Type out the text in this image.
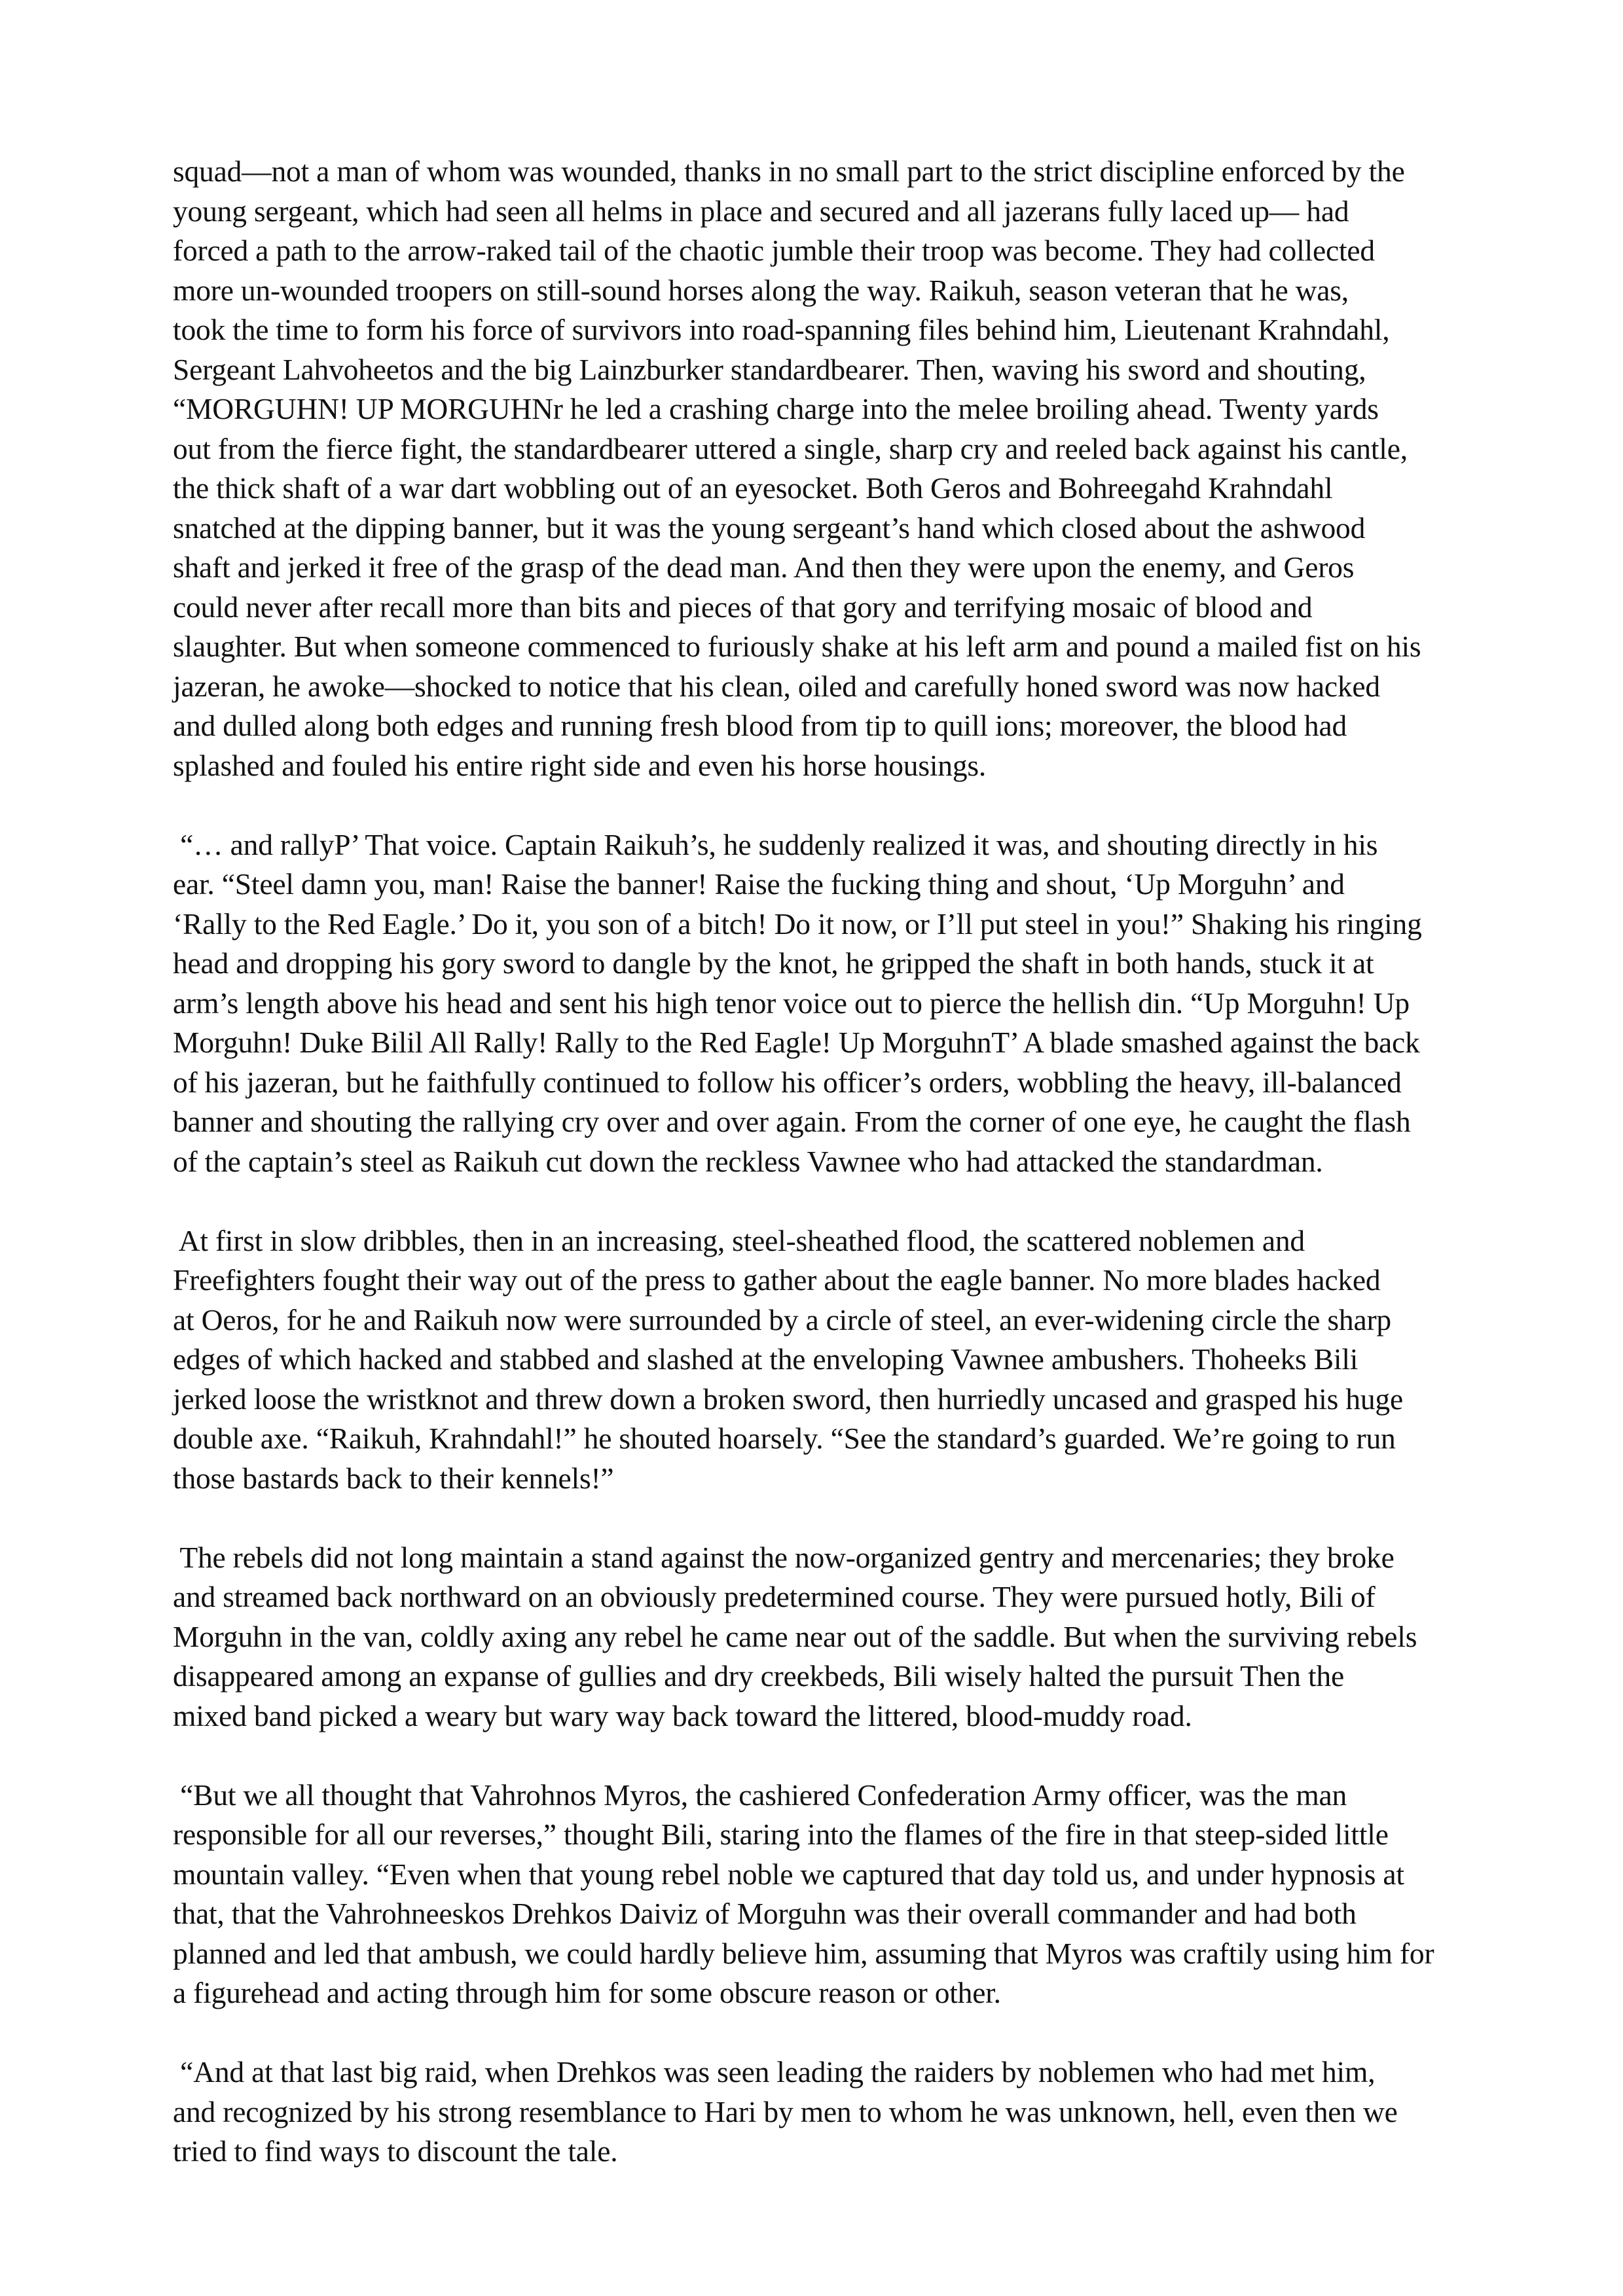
squad—not a man of whom was wounded, thanks in no small part to the strict discipline enforced by the
young sergeant, which had seen all helms in place and secured and all jazerans fully laced up— had
forced a path to the arrow-raked tail of the chaotic jumble their troop was become. They had collected
more un-wounded troopers on still-sound horses along the way. Raikuh, season veteran that he was,
took the time to form his force of survivors into road-spanning files behind him, Lieutenant Krahndahl,
Sergeant Lahvoheetos and the big Lainzburker standardbearer. Then, waving his sword and shouting,
“MORGUHN! UP MORGUHNr he led a crashing charge into the melee broiling ahead. Twenty yards
out from the fierce fight, the standardbearer uttered a single, sharp cry and reeled back against his cantle,
the thick shaft of a war dart wobbling out of an eyesocket. Both Geros and Bohreegahd Krahndahl
snatched at the dipping banner, but it was the young sergeant’s hand which closed about the ashwood
shaft and jerked it free of the grasp of the dead man. And then they were upon the enemy, and Geros
could never after recall more than bits and pieces of that gory and terrifying mosaic of blood and
slaughter. But when someone commenced to furiously shake at his left arm and pound a mailed fist on his
jazeran, he awoke—shocked to notice that his clean, oiled and carefully honed sword was now hacked
and dulled along both edges and running fresh blood from tip to quill ions; moreover, the blood had
splashed and fouled his entire right side and even his horse housings.
“… and rallyP’ That voice. Captain Raikuh’s, he suddenly realized it was, and shouting directly in his
ear. “Steel damn you, man! Raise the banner! Raise the fucking thing and shout, ‘Up Morguhn’ and
‘Rally to the Red Eagle.’ Do it, you son of a bitch! Do it now, or I’ll put steel in you!” Shaking his ringing
head and dropping his gory sword to dangle by the knot, he gripped the shaft in both hands, stuck it at
arm’s length above his head and sent his high tenor voice out to pierce the hellish din. “Up Morguhn! Up
Morguhn! Duke Bilil All Rally! Rally to the Red Eagle! Up MorguhnT’ A blade smashed against the back
of his jazeran, but he faithfully continued to follow his officer’s orders, wobbling the heavy, ill-balanced
banner and shouting the rallying cry over and over again. From the corner of one eye, he caught the flash
of the captain’s steel as Raikuh cut down the reckless Vawnee who had attacked the standardman.
At first in slow dribbles, then in an increasing, steel-sheathed flood, the scattered noblemen and
Freefighters fought their way out of the press to gather about the eagle banner. No more blades hacked
at Oeros, for he and Raikuh now were surrounded by a circle of steel, an ever-widening circle the sharp
edges of which hacked and stabbed and slashed at the enveloping Vawnee ambushers. Thoheeks Bili
jerked loose the wristknot and threw down a broken sword, then hurriedly uncased and grasped his huge
double axe. “Raikuh, Krahndahl!” he shouted hoarsely. “See the standard’s guarded. We’re going to run
those bastards back to their kennels!”
The rebels did not long maintain a stand against the now-organized gentry and mercenaries; they broke
and streamed back northward on an obviously predetermined course. They were pursued hotly, Bili of
Morguhn in the van, coldly axing any rebel he came near out of the saddle. But when the surviving rebels
disappeared among an expanse of gullies and dry creekbeds, Bili wisely halted the pursuit Then the
mixed band picked a weary but wary way back toward the littered, blood-muddy road.
“But we all thought that Vahrohnos Myros, the cashiered Confederation Army officer, was the man
responsible for all our reverses,” thought Bili, staring into the flames of the fire in that steep-sided little
mountain valley. “Even when that young rebel noble we captured that day told us, and under hypnosis at
that, that the Vahrohneeskos Drehkos Daiviz of Morguhn was their overall commander and had both
planned and led that ambush, we could hardly believe him, assuming that Myros was craftily using him for
a figurehead and acting through him for some obscure reason or other.
“And at that last big raid, when Drehkos was seen leading the raiders by noblemen who had met him,
and recognized by his strong resemblance to Hari by men to whom he was unknown, hell, even then we
tried to find ways to discount the tale.
